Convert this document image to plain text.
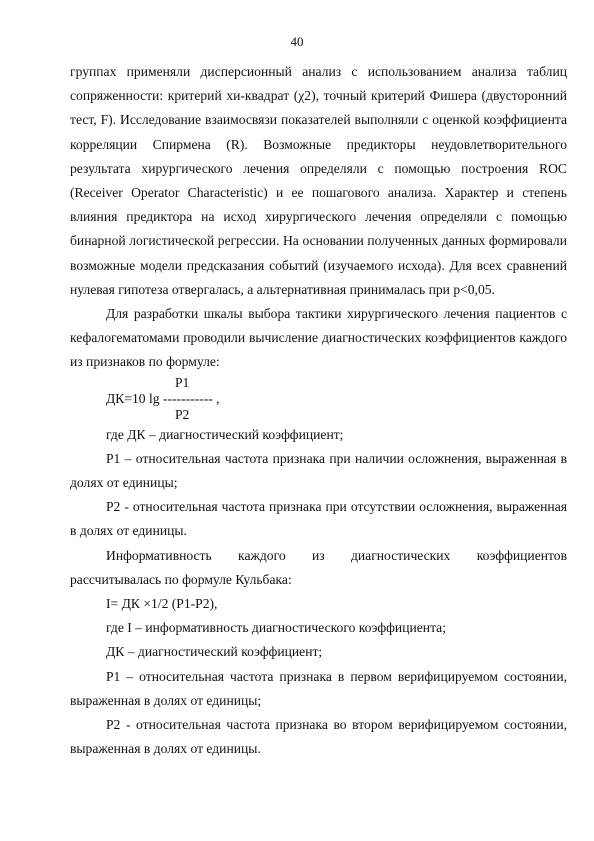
40

группах применяли дисперсионный анализ с использованием анализа таблиц сопряженности: критерий хи-квадрат (χ2), точный критерий Фишера (двусторонний тест, F). Исследование взаимосвязи показателей выполняли с оценкой коэффициента корреляции Спирмена (R). Возможные предикторы неудовлетворительного результата хирургического лечения определяли с помощью построения ROC (Receiver Operator Characteristic) и ее пошагового анализа. Характер и степень влияния предиктора на исход хирургического лечения определяли с помощью бинарной логистической регрессии. На основании полученных данных формировали возможные модели предсказания событий (изучаемого исхода). Для всех сравнений нулевая гипотеза отвергалась, а альтернативная принималась при р<0,05.

Для разработки шкалы выбора тактики хирургического лечения пациентов с кефалогематомами проводили вычисление диагностических коэффициентов каждого из признаков по формуле:

Р1

ДК=10 lg ----------- ,

Р2

где ДК – диагностический коэффициент;

Р1 – относительная частота признака при наличии осложнения, выраженная в долях от единицы;

Р2 - относительная частота признака при отсутствии осложнения, выраженная в долях от единицы.

Информативность каждого из диагностических коэффициентов рассчитывалась по формуле Кульбака:

I= ДК ×1/2 (Р1-Р2),

где I – информативность диагностического коэффициента;

ДК – диагностический коэффициент;

Р1 – относительная частота признака в первом верифицируемом состоянии, выраженная в долях от единицы;

Р2 - относительная частота признака во втором верифицируемом состоянии, выраженная в долях от единицы.
